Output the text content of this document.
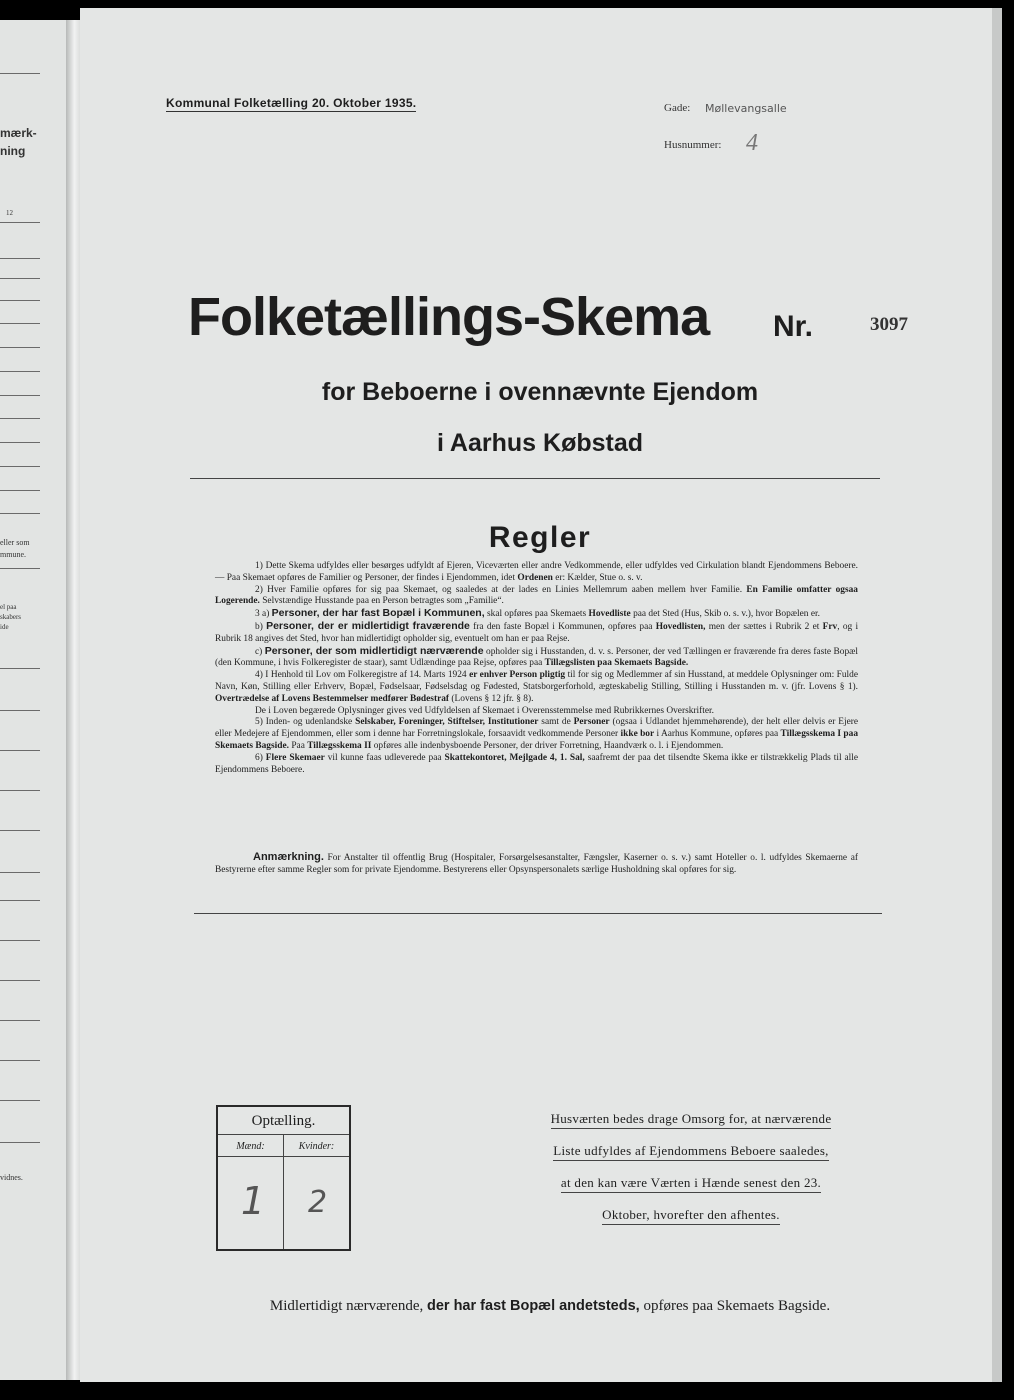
mærk-
ning
12
eller som
mmune.
el paa
skabers
ide
vidnes.
Kommunal Folketælling 20. Oktober 1935.	Gade: Møllevangsalle
Husnummer: 4
Folketællings-Skema Nr.	3097
for Beboerne i ovennævnte Ejendom
i Aarhus Købstad
Regler

1) Dette Skema udfyldes eller besørges udfyldt af Ejeren, Viceværten eller andre Vedkommende, eller udfyldes ved Cirkulation blandt Ejendommens Beboere. — Paa Skemaet opføres de Familier og Personer, der findes i Ejendommen, idet Ordenen er: Kælder, Stue o. s. v.

2) Hver Familie opføres for sig paa Skemaet, og saaledes at der lades en Linies Mellemrum aaben mellem hver Familie. En Familie omfatter ogsaa Logerende. Selvstændige Husstande paa en Person betragtes som „Familie“.

3 a) Personer, der har fast Bopæl i Kommunen, skal opføres paa Skemaets Hovedliste paa det Sted (Hus, Skib o. s. v.), hvor Bopælen er.

b) Personer, der er midlertidigt fraværende fra den faste Bopæl i Kommunen, opføres paa Hovedlisten, men der sættes i Rubrik 2 et Frv, og i Rubrik 18 angives det Sted, hvor han midlertidigt opholder sig, eventuelt om han er paa Rejse.

c) Personer, der som midlertidigt nærværende opholder sig i Husstanden, d. v. s. Personer, der ved Tællingen er fraværende fra deres faste Bopæl (den Kommune, i hvis Folkeregister de staar), samt Udlændinge paa Rejse, opføres paa Tillægslisten paa Skemaets Bagside.

4) I Henhold til Lov om Folkeregistre af 14. Marts 1924 er enhver Person pligtig til for sig og Medlemmer af sin Husstand, at meddele Oplysninger om: Fulde Navn, Køn, Stilling eller Erhverv, Bopæl, Fødselsaar, Fødselsdag og Fødested, Statsborgerforhold, ægteskabelig Stilling, Stilling i Husstanden m. v. (jfr. Lovens § 1). Overtrædelse af Lovens Bestemmelser medfører Bødestraf (Lovens § 12 jfr. § 8).

De i Loven begærede Oplysninger gives ved Udfyldelsen af Skemaet i Overensstemmelse med Rubrikkernes Overskrifter.

5) Inden- og udenlandske Selskaber, Foreninger, Stiftelser, Institutioner samt de Personer (ogsaa i Udlandet hjemmehørende), der helt eller delvis er Ejere eller Medejere af Ejendommen, eller som i denne har Forretningslokale, forsaavidt vedkommende Personer ikke bor i Aarhus Kommune, opføres paa Tillægsskema I paa Skemaets Bagside. Paa Tillægsskema II opføres alle indenbysboende Personer, der driver Forretning, Haandværk o. l. i Ejendommen.

6) Flere Skemaer vil kunne faas udleverede paa Skattekontoret, Mejlgade 4, 1. Sal, saafremt der paa det tilsendte Skema ikke er tilstrækkelig Plads til alle Ejendommens Beboere.

Anmærkning. For Anstalter til offentlig Brug (Hospitaler, Forsørgelsesanstalter, Fængsler, Kaserner o. s. v.) samt Hoteller o. l. udfyldes Skemaerne af Bestyrerne efter samme Regler som for private Ejendomme. Bestyrerens eller Opsynspersonalets særlige Husholdning skal opføres for sig.

Optælling.
Mænd:	Kvinder:
1 2
Husværten bedes drage Omsorg for, at nærværende
Liste udfyldes af Ejendommens Beboere saaledes,
at den kan være Værten i Hænde senest den 23.
Oktober, hvorefter den afhentes.
Midlertidigt nærværende, der har fast Bopæl andetsteds, opføres paa Skemaets Bagside.
